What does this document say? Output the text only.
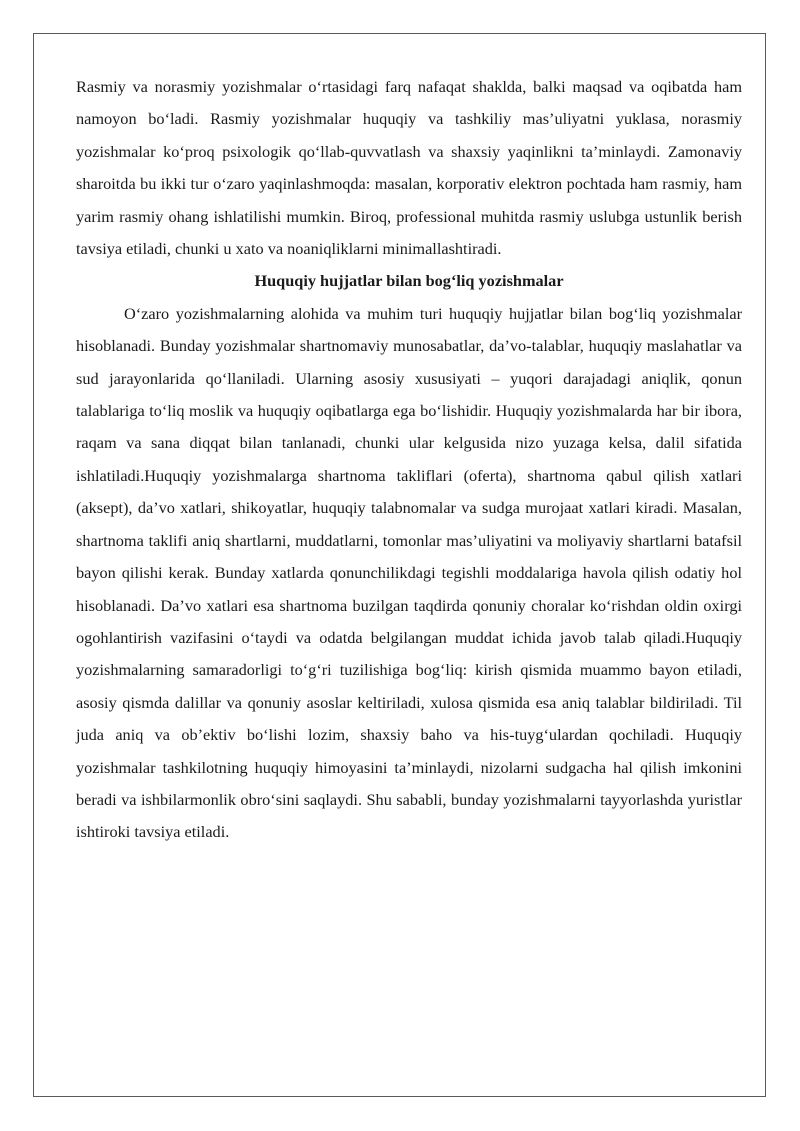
Rasmiy va norasmiy yozishmalar o‘rtasidagi farq nafaqat shaklda, balki maqsad va oqibatda ham namoyon bo‘ladi. Rasmiy yozishmalar huquqiy va tashkiliy mas’uliyatni yuklasa, norasmiy yozishmalar ko‘proq psixologik qo‘llab-quvvatlash va shaxsiy yaqinlikni ta’minlaydi. Zamonaviy sharoitda bu ikki tur o‘zaro yaqinlashmoqda: masalan, korporativ elektron pochtada ham rasmiy, ham yarim rasmiy ohang ishlatilishi mumkin. Biroq, professional muhitda rasmiy uslubga ustunlik berish tavsiya etiladi, chunki u xato va noaniqliklarni minimallashtiradi.

Huquqiy hujjatlar bilan bog‘liq yozishmalar

O‘zaro yozishmalarning alohida va muhim turi huquqiy hujjatlar bilan bog‘liq yozishmalar hisoblanadi. Bunday yozishmalar shartnomaviy munosabatlar, da’vo-talablar, huquqiy maslahatlar va sud jarayonlarida qo‘llaniladi. Ularning asosiy xususiyati – yuqori darajadagi aniqlik, qonun talablariga to‘liq moslik va huquqiy oqibatlarga ega bo‘lishidir. Huquqiy yozishmalarda har bir ibora, raqam va sana diqqat bilan tanlanadi, chunki ular kelgusida nizo yuzaga kelsa, dalil sifatida ishlatiladi.Huquqiy yozishmalarga shartnoma takliflari (oferta), shartnoma qabul qilish xatlari (aksept), da’vo xatlari, shikoyatlar, huquqiy talabnomalar va sudga murojaat xatlari kiradi. Masalan, shartnoma taklifi aniq shartlarni, muddatlarni, tomonlar mas’uliyatini va moliyaviy shartlarni batafsil bayon qilishi kerak. Bunday xatlarda qonunchilikdagi tegishli moddalariga havola qilish odatiy hol hisoblanadi. Da’vo xatlari esa shartnoma buzilgan taqdirda qonuniy choralar ko‘rishdan oldin oxirgi ogohlantirish vazifasini o‘taydi va odatda belgilangan muddat ichida javob talab qiladi.Huquqiy yozishmalarning samaradorligi to‘g‘ri tuzilishiga bog‘liq: kirish qismida muammo bayon etiladi, asosiy qismda dalillar va qonuniy asoslar keltiriladi, xulosa qismida esa aniq talablar bildiriladi. Til juda aniq va ob’ektiv bo‘lishi lozim, shaxsiy baho va his-tuyg‘ulardan qochiladi. Huquqiy yozishmalar tashkilotning huquqiy himoyasini ta’minlaydi, nizolarni sudgacha hal qilish imkonini beradi va ishbilarmonlik obro‘sini saqlaydi. Shu sababli, bunday yozishmalarni tayyorlashda yuristlar ishtiroki tavsiya etiladi.
